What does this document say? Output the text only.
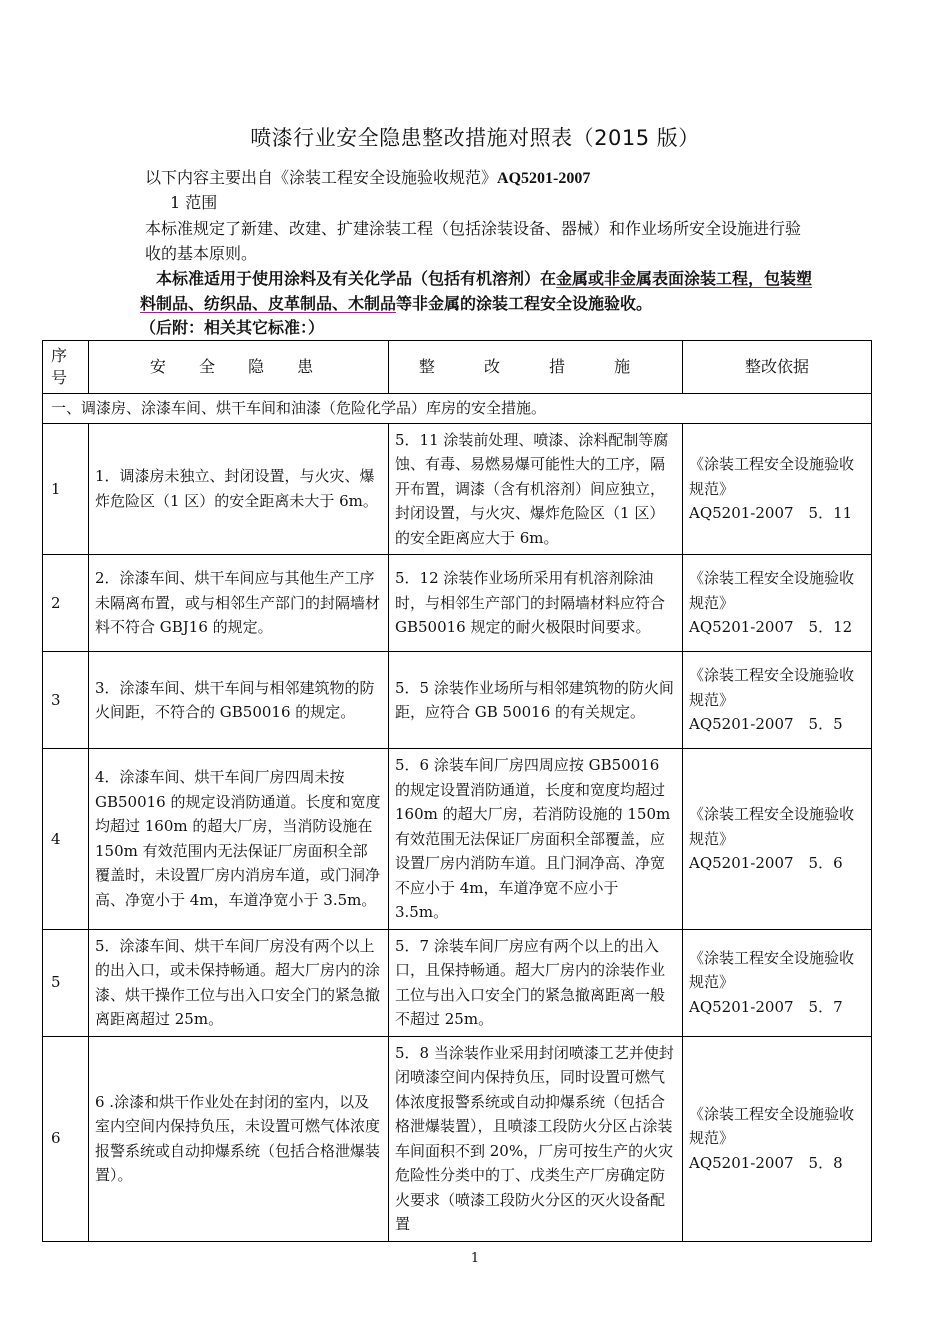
喷漆行业安全隐患整改措施对照表（2015 版）
以下内容主要出自《涂装工程安全设施验收规范》AQ5201-2007
1 范围
本标准规定了新建、改建、扩建涂装工程（包括涂装设备、器械）和作业场所安全设施进行验收的基本原则。
 本标准适用于使用涂料及有关化学品（包括有机溶剂）在金属或非金属表面涂装工程，包装塑料制品、纺织品、皮革制品、木制品等非金属的涂装工程安全设施验收。
（后附：相关其它标准：）
序号	安 全 隐 患	整 改 措 施	整改依据
一、调漆房、涂漆车间、烘干车间和油漆（危险化学品）库房的安全措施。			
1	1．调漆房未独立、封闭设置，与火灾、爆炸危险区（1 区）的安全距离未大于 6m。	5．11 涂装前处理、喷漆、涂料配制等腐蚀、有毒、易燃易爆可能性大的工序，隔开布置，调漆（含有机溶剂）间应独立，封闭设置，与火灾、爆炸危险区（1 区）的安全距离应大于 6m。	《涂装工程安全设施验收规范》
AQ5201-2007　5．11

2	2．涂漆车间、烘干车间应与其他生产工序未隔离布置，或与相邻生产部门的封隔墙材料不符合 GBJ16 的规定。	5．12 涂装作业场所采用有机溶剂除油时，与相邻生产部门的封隔墙材料应符合 GB50016 规定的耐火极限时间要求。	《涂装工程安全设施验收规范》
AQ5201-2007　5．12

3	3．涂漆车间、烘干车间与相邻建筑物的防火间距，不符合的 GB50016 的规定。	5．5 涂装作业场所与相邻建筑物的防火间距，应符合 GB 50016 的有关规定。	《涂装工程安全设施验收规范》
AQ5201-2007　5．5

4	4．涂漆车间、烘干车间厂房四周未按 GB50016 的规定设消防通道。长度和宽度均超过 160m 的超大厂房，当消防设施在 150m 有效范围内无法保证厂房面积全部覆盖时，未设置厂房内消房车道，或门洞净高、净宽小于 4m，车道净宽小于 3.5m。	5．6 涂装车间厂房四周应按 GB50016 的规定设置消防通道，长度和宽度均超过 160m 的超大厂房，若消防设施的 150m 有效范围无法保证厂房面积全部覆盖，应设置厂房内消防车道。且门洞净高、净宽不应小于 4m，车道净宽不应小于 3.5m。	《涂装工程安全设施验收规范》
AQ5201-2007　5．6

5	5．涂漆车间、烘干车间厂房没有两个以上的出入口，或未保持畅通。超大厂房内的涂漆、烘干操作工位与出入口安全门的紧急撤离距离超过 25m。	5．7 涂装车间厂房应有两个以上的出入口，且保持畅通。超大厂房内的涂装作业工位与出入口安全门的紧急撤离距离一般不超过 25m。	《涂装工程安全设施验收规范》
AQ5201-2007　5．7

6	6 .涂漆和烘干作业处在封闭的室内，以及室内空间内保持负压，未设置可燃气体浓度报警系统或自动抑爆系统（包括合格泄爆装置）。	5．8 当涂装作业采用封闭喷漆工艺并使封闭喷漆空间内保持负压，同时设置可燃气体浓度报警系统或自动抑爆系统（包括合格泄爆装置），且喷漆工段防火分区占涂装车间面积不到 20%，厂房可按生产的火灾危险性分类中的丁、戊类生产厂房确定防火要求（喷漆工段防火分区的灭火设备配置	《涂装工程安全设施验收规范》
AQ5201-2007　5．8
1
